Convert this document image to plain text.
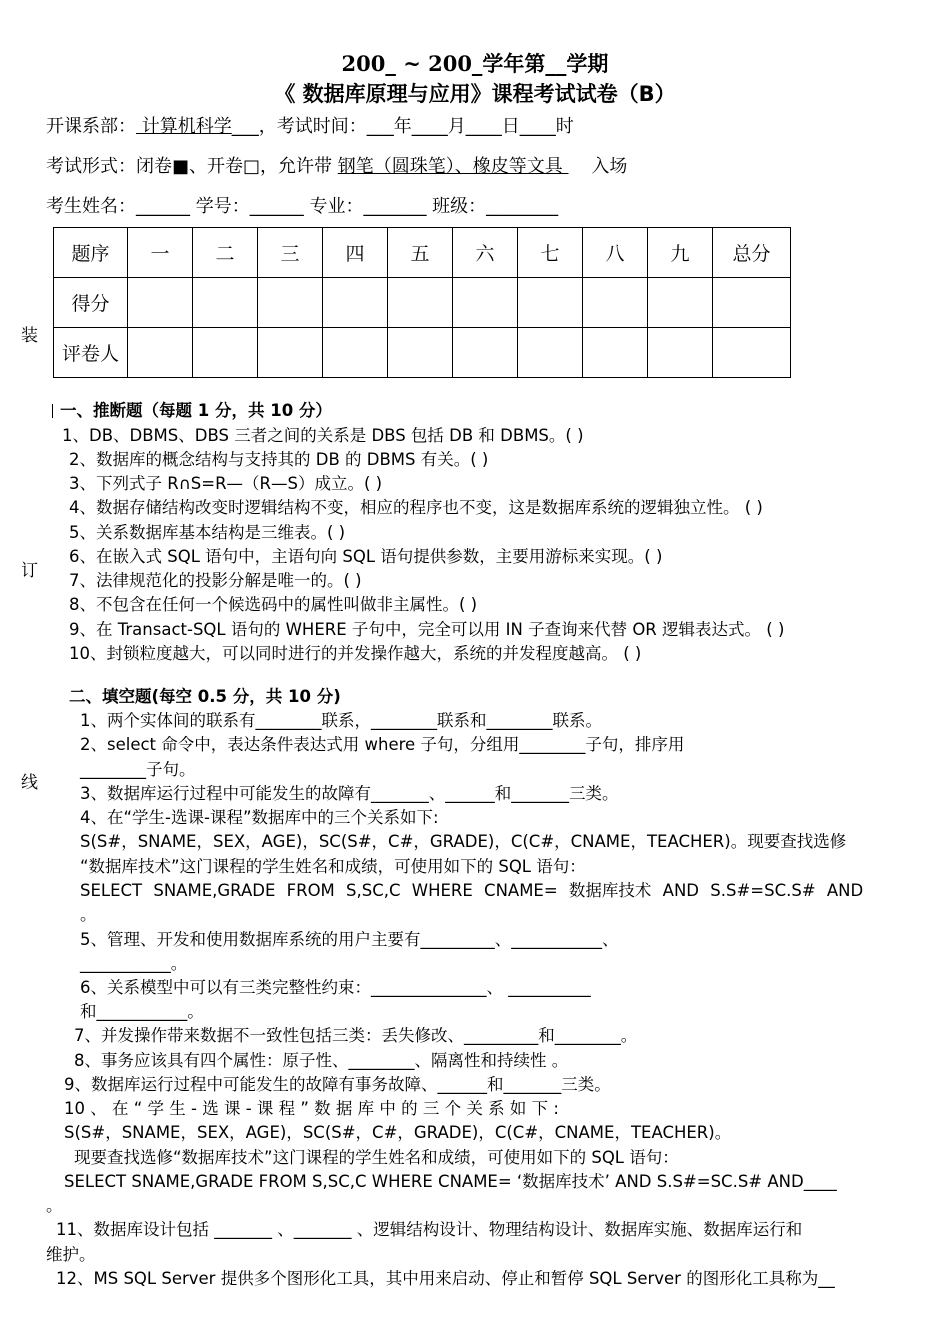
200_ ~ 200_学年第__学期
《 数据库原理与应用》课程考试试卷（B）
开课系部： 计算机科学___，考试时间：___年____月____日____时
考试形式：闭卷■、开卷□，允许带 钢笔（圆珠笔）、橡皮等文具     入场
考生姓名：______ 学号：______ 专业：_______ 班级：________
题序	一	二	三	四	五	六	七	八	九	总分
得分										
评卷人										
装
订
线
一、推断题（每题 1 分，共 10 分）
1、DB、DBMS、DBS 三者之间的关系是 DBS 包括 DB 和 DBMS。( )
2、数据库的概念结构与支持其的 DB 的 DBMS 有关。( )
3、下列式子 R∩S=R—（R—S）成立。( )
4、数据存储结构改变时逻辑结构不变，相应的程序也不变，这是数据库系统的逻辑独立性。 ( )
5、关系数据库基本结构是三维表。( )
6、在嵌入式 SQL 语句中，主语句向 SQL 语句提供参数，主要用游标来实现。( )
7、法律规范化的投影分解是唯一的。( )
8、不包含在任何一个候选码中的属性叫做非主属性。( )
9、在 Transact-SQL 语句的 WHERE 子句中，完全可以用 IN 子查询来代替 OR 逻辑表达式。 ( )
10、封锁粒度越大，可以同时进行的并发操作越大，系统的并发程度越高。 ( )
二、填空题(每空 0.5 分，共 10 分)
1、两个实体间的联系有________联系，________联系和________联系。
2、select 命令中，表达条件表达式用 where 子句，分组用________子句，排序用
________子句。
3、数据库运行过程中可能发生的故障有_______、______和_______三类。
4、在“学生-选课-课程”数据库中的三个关系如下:
S(S#，SNAME，SEX，AGE)，SC(S#，C#，GRADE)，C(C#，CNAME，TEACHER)。现要查找选修
“数据库技术”这门课程的学生姓名和成绩，可使用如下的 SQL 语句：
SELECT SNAME,GRADE FROM S,SC,C WHERE CNAME= 数据库技术 AND S.S#=SC.S# AND
。
5、管理、开发和使用数据库系统的用户主要有_________、___________、
___________。
6、关系模型中可以有三类完整性约束：______________、 __________
和___________。
7、并发操作带来数据不一致性包括三类：丢失修改、_________和________。
8、事务应该具有四个属性：原子性、________、隔离性和持续性 。
9、数据库运行过程中可能发生的故障有事务故障、______和_______三类。
10 、 在 “ 学 生 - 选 课 - 课 程 ” 数 据 库 中 的 三 个 关 系 如 下 :
S(S#，SNAME，SEX，AGE)，SC(S#，C#，GRADE)，C(C#，CNAME，TEACHER)。
现要查找选修“数据库技术”这门课程的学生姓名和成绩，可使用如下的 SQL 语句：
SELECT SNAME,GRADE FROM S,SC,C WHERE CNAME= ‘数据库技术’ AND S.S#=SC.S# AND____
。
11、数据库设计包括 _______ 、_______ 、逻辑结构设计、物理结构设计、数据库实施、数据库运行和
维护。
12、MS SQL Server 提供多个图形化工具，其中用来启动、停止和暂停 SQL Server 的图形化工具称为__
